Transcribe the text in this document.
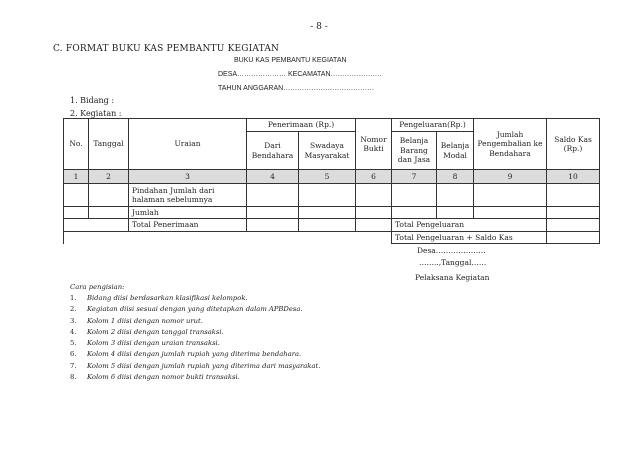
- 8 -
C. FORMAT BUKU KAS PEMBANTU KEGIATAN
BUKU KAS PEMBANTU KEGIATAN
DESA………………… KECAMATAN………………….
TAHUN ANGGARAN…………………………………
1. Bidang :
2. Kegiatan :
No.	Tanggal	Uraian	Penerimaan (Rp.)		Nomor Bukti	Pengeluaran(Rp.)		Jumlah Pengembalian ke Bendahara	Saldo Kas (Rp.)
			Dari Bendahara	Swadaya Masyarakat		Belanja Barang dan Jasa	Belanja Modal		
1	2	3	4	5	6	7	8	9	10
		Pindahan Jumlah dari halaman sebelumnya							
		Jumlah							
		Total Penerimaan				Total Pengeluaran			
						Total Pengeluaran + Saldo Kas			
Desa………………..
……..,Tanggal……
Pelaksana Kegiatan
Cara pengisian:
1. Bidang diisi berdasarkan klasifikasi kelompok.
2. Kegiatan diisi sesuai dengan yang ditetapkan dalam APBDesa.
3. Kolom 1 diisi dengan nomor urut.
4. Kolom 2 diisi dengan tanggal transaksi.
5. Kolom 3 diisi dengan uraian transaksi.
6. Kolom 4 diisi dengan jumlah rupiah yang diterima bendahara.
7. Kolom 5 diisi dengan jumlah rupiah yang diterima dari masyarakat.
8. Kolom 6 diisi dengan nomor bukti transaksi.
